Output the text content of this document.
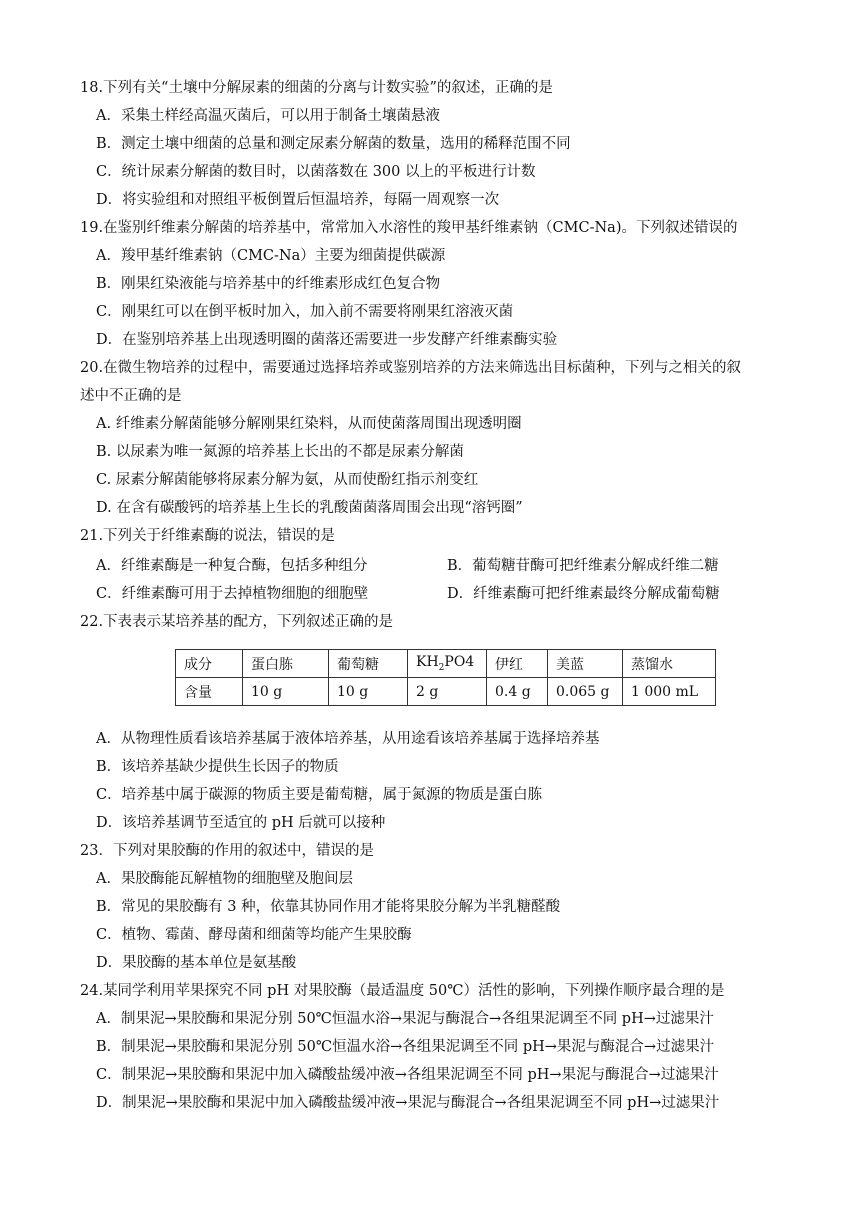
18.下列有关“土壤中分解尿素的细菌的分离与计数实验”的叙述，正确的是
A．采集土样经高温灭菌后，可以用于制备土壤菌悬液
B．测定土壤中细菌的总量和测定尿素分解菌的数量，选用的稀释范围不同
C．统计尿素分解菌的数目时，以菌落数在 300 以上的平板进行计数
D．将实验组和对照组平板倒置后恒温培养，每隔一周观察一次
19.在鉴别纤维素分解菌的培养基中，常常加入水溶性的羧甲基纤维素钠（CMC-Na)。下列叙述错误的
A．羧甲基纤维素钠（CMC-Na）主要为细菌提供碳源
B．刚果红染液能与培养基中的纤维素形成红色复合物
C．刚果红可以在倒平板时加入，加入前不需要将刚果红溶液灭菌
D．在鉴别培养基上出现透明圈的菌落还需要进一步发酵产纤维素酶实验
20.在微生物培养的过程中，需要通过选择培养或鉴别培养的方法来筛选出目标菌种，下列与之相关的叙
述中不正确的是
A. 纤维素分解菌能够分解刚果红染料，从而使菌落周围出现透明圈
B. 以尿素为唯一氮源的培养基上长出的不都是尿素分解菌
C. 尿素分解菌能够将尿素分解为氨，从而使酚红指示剂变红
D. 在含有碳酸钙的培养基上生长的乳酸菌菌落周围会出现“溶钙圈”
21.下列关于纤维素酶的说法，错误的是
A．纤维素酶是一种复合酶，包括多种组分	B．葡萄糖苷酶可把纤维素分解成纤维二糖
C．纤维素酶可用于去掉植物细胞的细胞壁	D．纤维素酶可把纤维素最终分解成葡萄糖
22.下表表示某培养基的配方，下列叙述正确的是
成分	蛋白胨	葡萄糖	$KH_2PO4$	伊红	美蓝	蒸馏水
含量	10 g	10 g	2 g	0.4 g	0.065 g	1 000 mL
A．从物理性质看该培养基属于液体培养基，从用途看该培养基属于选择培养基
B．该培养基缺少提供生长因子的物质
C．培养基中属于碳源的物质主要是葡萄糖，属于氮源的物质是蛋白胨
D．该培养基调节至适宜的 pH 后就可以接种
23．下列对果胶酶的作用的叙述中，错误的是
A．果胶酶能瓦解植物的细胞壁及胞间层
B．常见的果胶酶有 3 种，依靠其协同作用才能将果胶分解为半乳糖醛酸
C．植物、霉菌、酵母菌和细菌等均能产生果胶酶
D．果胶酶的基本单位是氨基酸
24.某同学利用苹果探究不同 pH 对果胶酶（最适温度 50℃）活性的影响，下列操作顺序最合理的是
A．制果泥→果胶酶和果泥分别 50℃恒温水浴→果泥与酶混合→各组果泥调至不同 pH→过滤果汁
B．制果泥→果胶酶和果泥分别 50℃恒温水浴→各组果泥调至不同 pH→果泥与酶混合→过滤果汁
C．制果泥→果胶酶和果泥中加入磷酸盐缓冲液→各组果泥调至不同 pH→果泥与酶混合→过滤果汁
D．制果泥→果胶酶和果泥中加入磷酸盐缓冲液→果泥与酶混合→各组果泥调至不同 pH→过滤果汁
